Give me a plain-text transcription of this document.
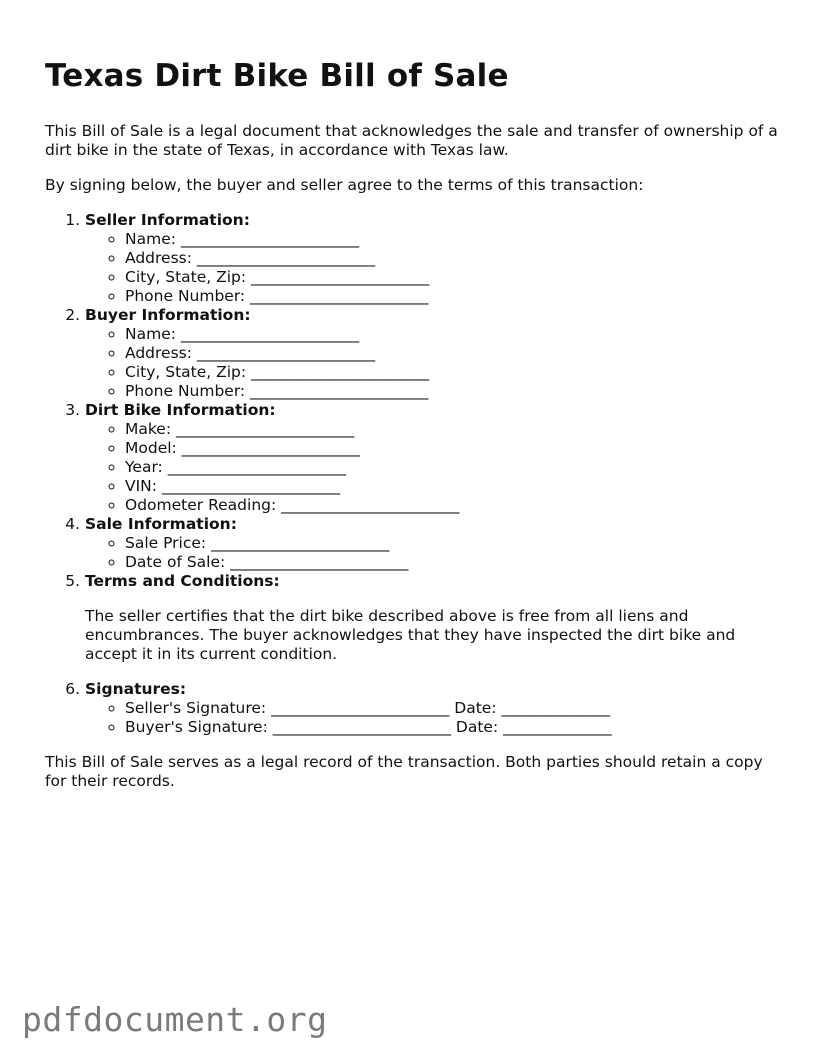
Texas Dirt Bike Bill of Sale

This Bill of Sale is a legal document that acknowledges the sale and transfer of ownership of a dirt bike in the state of Texas, in accordance with Texas law.

By signing below, the buyer and seller agree to the terms of this transaction:

1. Seller Information:
◦ Name: _______________________
◦ Address: _______________________
◦ City, State, Zip: _______________________
◦ Phone Number: _______________________
2. Buyer Information:
◦ Name: _______________________
◦ Address: _______________________
◦ City, State, Zip: _______________________
◦ Phone Number: _______________________
3. Dirt Bike Information:
◦ Make: _______________________
◦ Model: _______________________
◦ Year: _______________________
◦ VIN: _______________________
◦ Odometer Reading: _______________________
4. Sale Information:
◦ Sale Price: _______________________
◦ Date of Sale: _______________________
5. Terms and Conditions:

The seller certifies that the dirt bike described above is free from all liens and encumbrances. The buyer acknowledges that they have inspected the dirt bike and accept it in its current condition.

6. Signatures:
◦ Seller's Signature: _______________________ Date: ______________
◦ Buyer's Signature: _______________________ Date: ______________

This Bill of Sale serves as a legal record of the transaction. Both parties should retain a copy for their records.

pdfdocument.org
